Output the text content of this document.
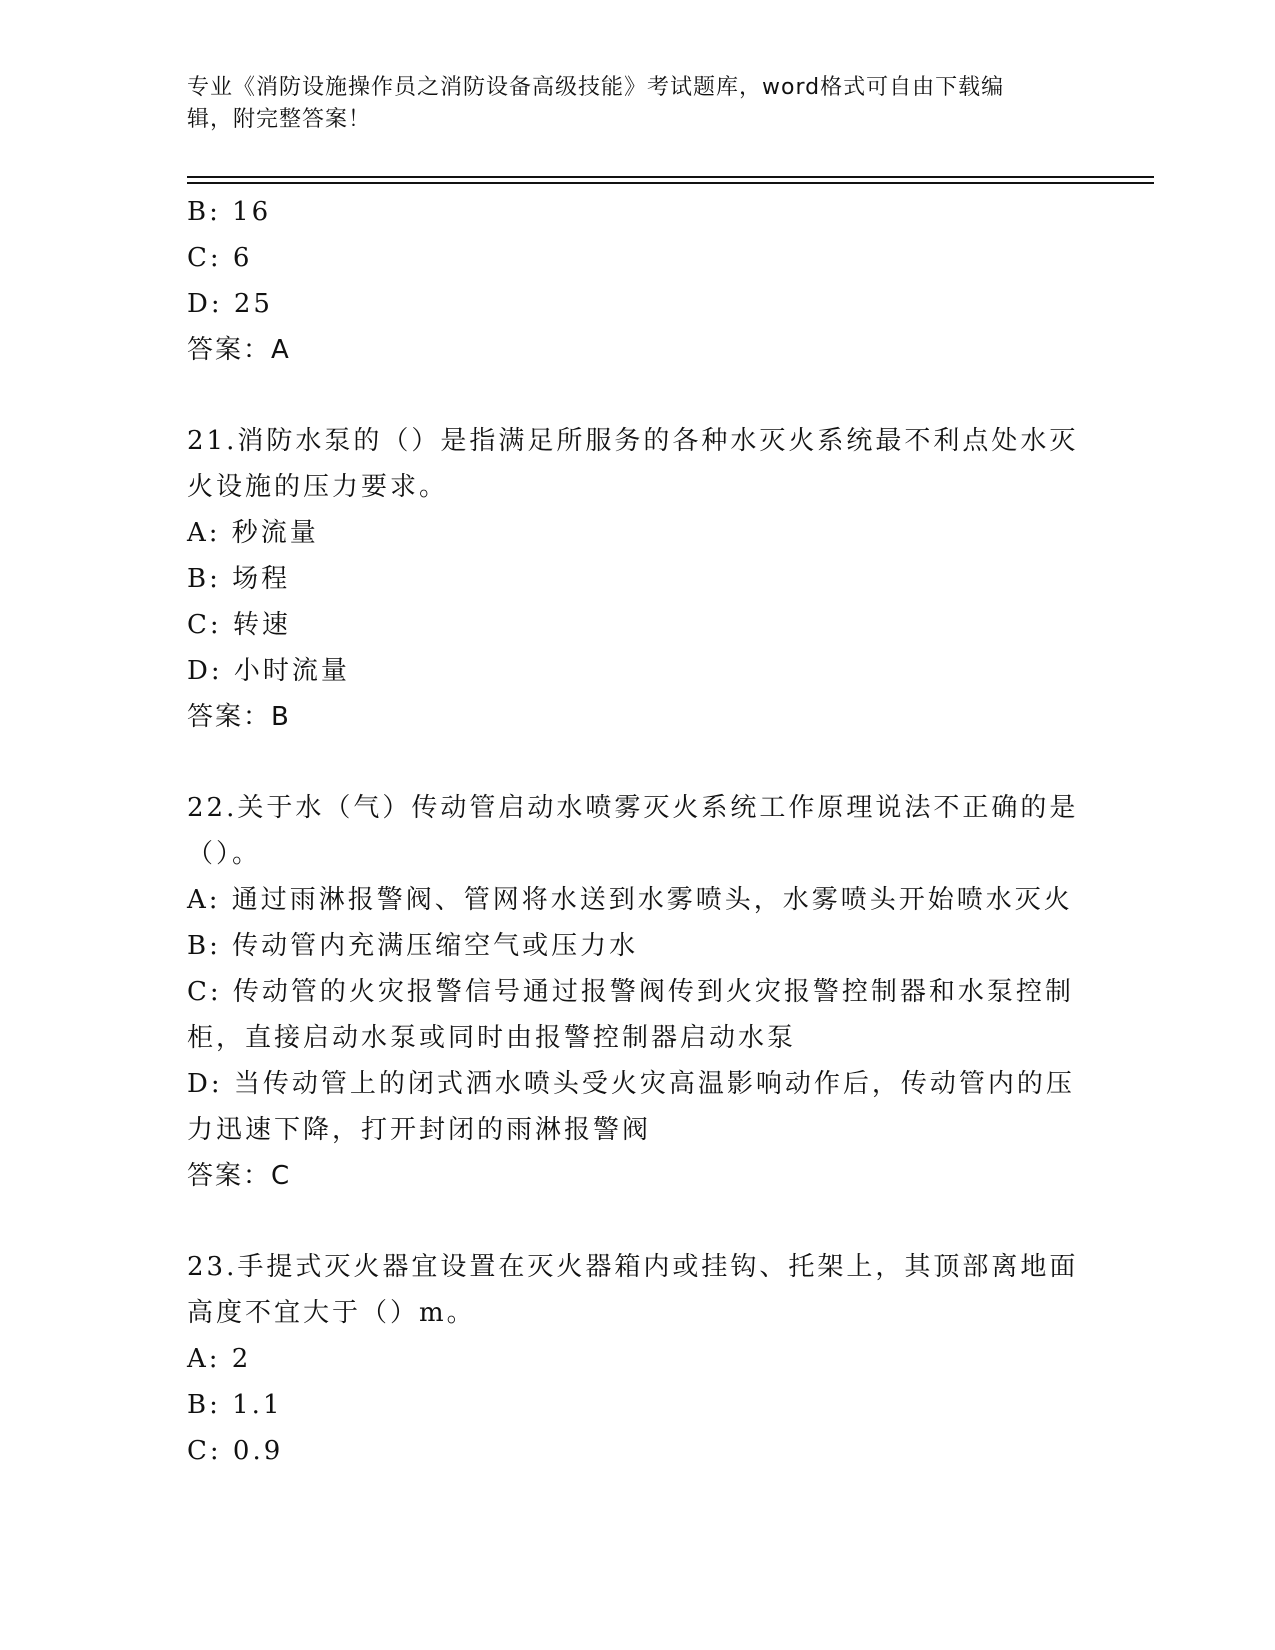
专业《消防设施操作员之消防设备高级技能》考试题库，word格式可自由下载编
辑，附完整答案！
B: 16
C: 6
D: 25
答案：A
21.消防水泵的（）是指满足所服务的各种水灭火系统最不利点处水灭
火设施的压力要求。
A: 秒流量
B: 场程
C: 转速
D: 小时流量
答案：B
22.关于水（气）传动管启动水喷雾灭火系统工作原理说法不正确的是
（）。
A: 通过雨淋报警阀、管网将水送到水雾喷头，水雾喷头开始喷水灭火
B: 传动管内充满压缩空气或压力水
C: 传动管的火灾报警信号通过报警阀传到火灾报警控制器和水泵控制
柜，直接启动水泵或同时由报警控制器启动水泵
D: 当传动管上的闭式洒水喷头受火灾高温影响动作后，传动管内的压
力迅速下降，打开封闭的雨淋报警阀
答案：C
23.手提式灭火器宜设置在灭火器箱内或挂钩、托架上，其顶部离地面
高度不宜大于（）m。
A: 2
B: 1.1
C: 0.9
